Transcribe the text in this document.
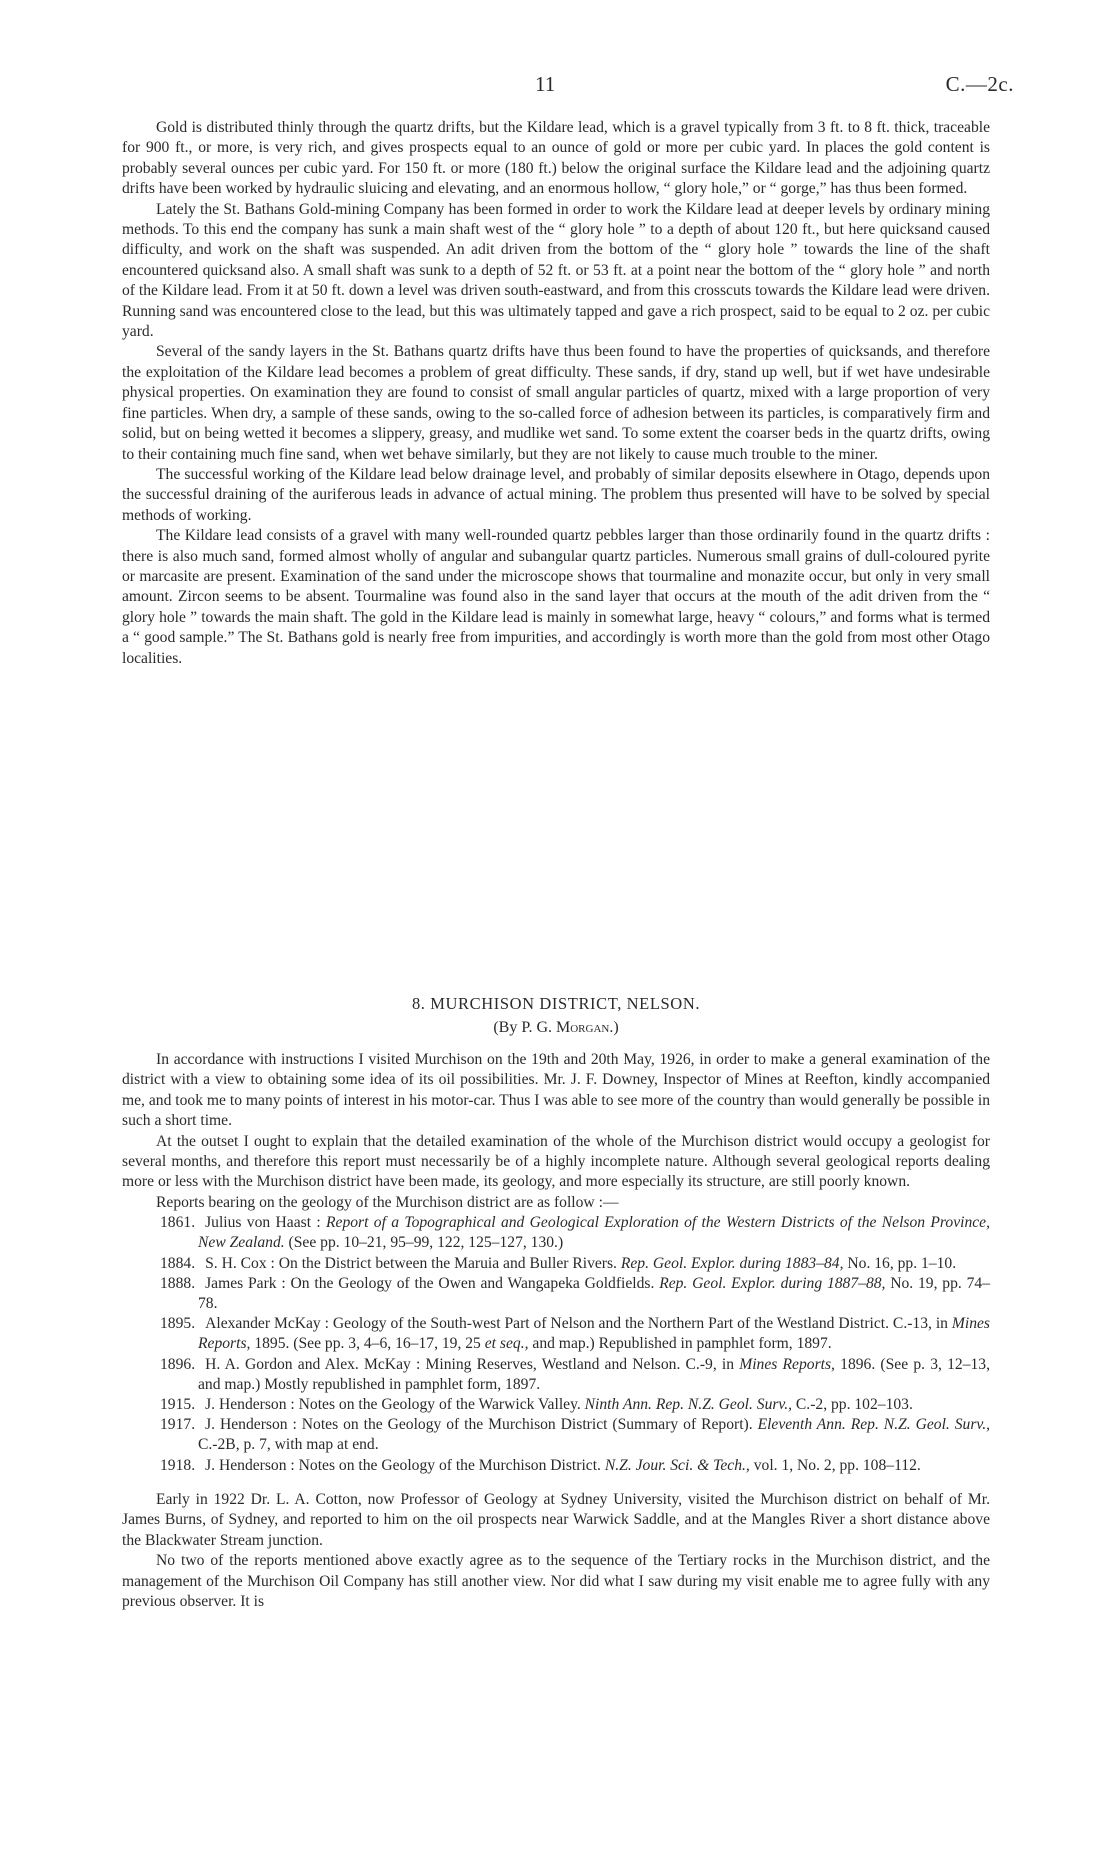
11	C.—2c.

Gold is distributed thinly through the quartz drifts, but the Kildare lead, which is a gravel typically from 3 ft. to 8 ft. thick, traceable for 900 ft., or more, is very rich, and gives prospects equal to an ounce of gold or more per cubic yard. In places the gold content is probably several ounces per cubic yard. For 150 ft. or more (180 ft.) below the original surface the Kildare lead and the adjoining quartz drifts have been worked by hydraulic sluicing and elevating, and an enormous hollow, “ glory hole,” or “ gorge,” has thus been formed.

Lately the St. Bathans Gold-mining Company has been formed in order to work the Kildare lead at deeper levels by ordinary mining methods. To this end the company has sunk a main shaft west of the “ glory hole ” to a depth of about 120 ft., but here quicksand caused difficulty, and work on the shaft was suspended. An adit driven from the bottom of the “ glory hole ” towards the line of the shaft encountered quicksand also. A small shaft was sunk to a depth of 52 ft. or 53 ft. at a point near the bottom of the “ glory hole ” and north of the Kildare lead. From it at 50 ft. down a level was driven south-eastward, and from this crosscuts towards the Kildare lead were driven. Running sand was encountered close to the lead, but this was ultimately tapped and gave a rich prospect, said to be equal to 2 oz. per cubic yard.

Several of the sandy layers in the St. Bathans quartz drifts have thus been found to have the properties of quicksands, and therefore the exploitation of the Kildare lead becomes a problem of great difficulty. These sands, if dry, stand up well, but if wet have undesirable physical properties. On examination they are found to consist of small angular particles of quartz, mixed with a large proportion of very fine particles. When dry, a sample of these sands, owing to the so-called force of adhesion between its particles, is comparatively firm and solid, but on being wetted it becomes a slippery, greasy, and mudlike wet sand. To some extent the coarser beds in the quartz drifts, owing to their containing much fine sand, when wet behave similarly, but they are not likely to cause much trouble to the miner.

The successful working of the Kildare lead below drainage level, and probably of similar deposits elsewhere in Otago, depends upon the successful draining of the auriferous leads in advance of actual mining. The problem thus presented will have to be solved by special methods of working.

The Kildare lead consists of a gravel with many well-rounded quartz pebbles larger than those ordinarily found in the quartz drifts : there is also much sand, formed almost wholly of angular and subangular quartz particles. Numerous small grains of dull-coloured pyrite or marcasite are present. Examination of the sand under the microscope shows that tourmaline and monazite occur, but only in very small amount. Zircon seems to be absent. Tourmaline was found also in the sand layer that occurs at the mouth of the adit driven from the “ glory hole ” towards the main shaft. The gold in the Kildare lead is mainly in somewhat large, heavy “ colours,” and forms what is termed a “ good sample.” The St. Bathans gold is nearly free from impurities, and accordingly is worth more than the gold from most other Otago localities.

8. MURCHISON DISTRICT, NELSON.
(By P. G. Morgan.)

In accordance with instructions I visited Murchison on the 19th and 20th May, 1926, in order to make a general examination of the district with a view to obtaining some idea of its oil possibilities. Mr. J. F. Downey, Inspector of Mines at Reefton, kindly accompanied me, and took me to many points of interest in his motor-car. Thus I was able to see more of the country than would generally be possible in such a short time.

At the outset I ought to explain that the detailed examination of the whole of the Murchison district would occupy a geologist for several months, and therefore this report must necessarily be of a highly incomplete nature. Although several geological reports dealing more or less with the Murchison district have been made, its geology, and more especially its structure, are still poorly known.

Reports bearing on the geology of the Murchison district are as follow :—

1861. Julius von Haast : Report of a Topographical and Geological Exploration of the Western Districts of the Nelson Province, New Zealand. (See pp. 10–21, 95–99, 122, 125–127, 130.)
1884. S. H. Cox : On the District between the Maruia and Buller Rivers. Rep. Geol. Explor. during 1883–84, No. 16, pp. 1–10.
1888. James Park : On the Geology of the Owen and Wangapeka Goldfields. Rep. Geol. Explor. during 1887–88, No. 19, pp. 74–78.
1895. Alexander McKay : Geology of the South-west Part of Nelson and the Northern Part of the Westland District. C.-13, in Mines Reports, 1895. (See pp. 3, 4–6, 16–17, 19, 25 et seq., and map.) Republished in pamphlet form, 1897.
1896. H. A. Gordon and Alex. McKay : Mining Reserves, Westland and Nelson. C.-9, in Mines Reports, 1896. (See p. 3, 12–13, and map.) Mostly republished in pamphlet form, 1897.
1915. J. Henderson : Notes on the Geology of the Warwick Valley. Ninth Ann. Rep. N.Z. Geol. Surv., C.-2, pp. 102–103.
1917. J. Henderson : Notes on the Geology of the Murchison District (Summary of Report). Eleventh Ann. Rep. N.Z. Geol. Surv., C.-2B, p. 7, with map at end.
1918. J. Henderson : Notes on the Geology of the Murchison District. N.Z. Jour. Sci. & Tech., vol. 1, No. 2, pp. 108–112.

Early in 1922 Dr. L. A. Cotton, now Professor of Geology at Sydney University, visited the Murchison district on behalf of Mr. James Burns, of Sydney, and reported to him on the oil prospects near Warwick Saddle, and at the Mangles River a short distance above the Blackwater Stream junction.

No two of the reports mentioned above exactly agree as to the sequence of the Tertiary rocks in the Murchison district, and the management of the Murchison Oil Company has still another view. Nor did what I saw during my visit enable me to agree fully with any previous observer. It is
